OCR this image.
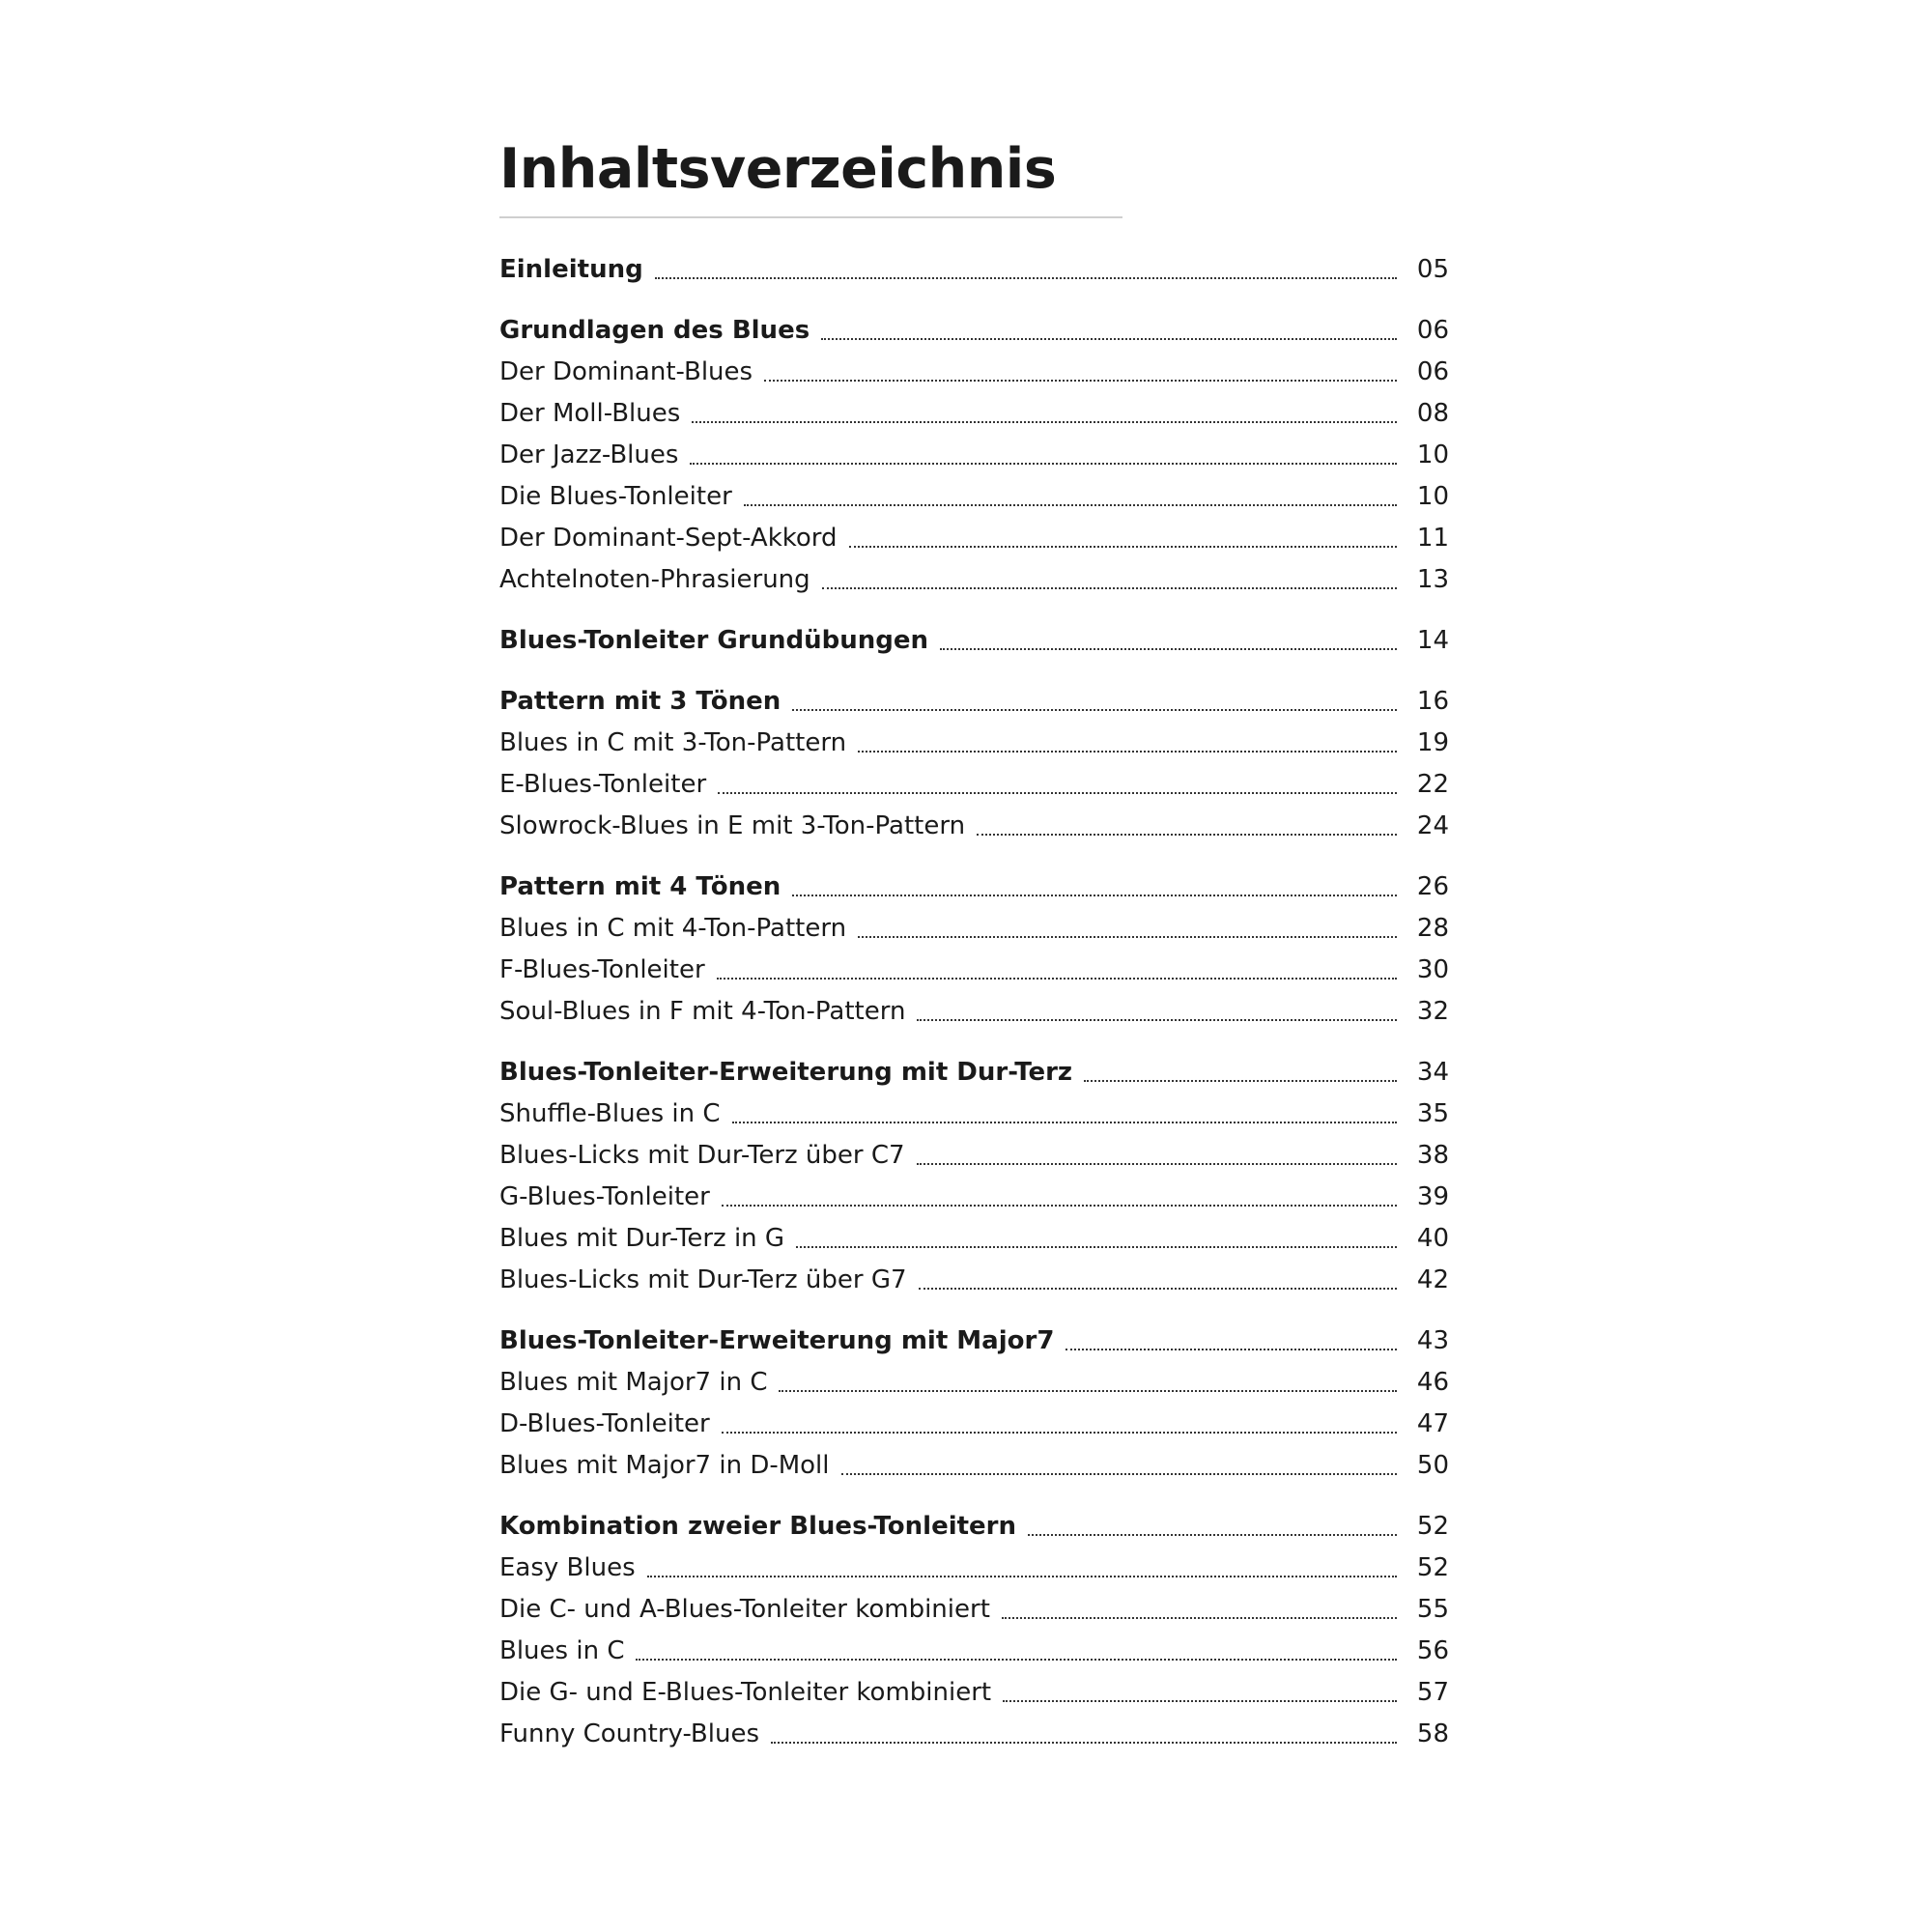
Inhaltsverzeichnis
Einleitung	05
Grundlagen des Blues	06
Der Dominant-Blues	06
Der Moll-Blues	08
Der Jazz-Blues	10
Die Blues-Tonleiter	10
Der Dominant-Sept-Akkord	11
Achtelnoten-Phrasierung	13
Blues-Tonleiter Grundübungen	14
Pattern mit 3 Tönen	16
Blues in C mit 3-Ton-Pattern	19
E-Blues-Tonleiter	22
Slowrock-Blues in E mit 3-Ton-Pattern	24
Pattern mit 4 Tönen	26
Blues in C mit 4-Ton-Pattern	28
F-Blues-Tonleiter	30
Soul-Blues in F mit 4-Ton-Pattern	32
Blues-Tonleiter-Erweiterung mit Dur-Terz	34
Shuffle-Blues in C	35
Blues-Licks mit Dur-Terz über C7	38
G-Blues-Tonleiter	39
Blues mit Dur-Terz in G	40
Blues-Licks mit Dur-Terz über G7	42
Blues-Tonleiter-Erweiterung mit Major7	43
Blues mit Major7 in C	46
D-Blues-Tonleiter	47
Blues mit Major7 in D-Moll	50
Kombination zweier Blues-Tonleitern	52
Easy Blues	52
Die C- und A-Blues-Tonleiter kombiniert	55
Blues in C	56
Die G- und E-Blues-Tonleiter kombiniert	57
Funny Country-Blues	58
